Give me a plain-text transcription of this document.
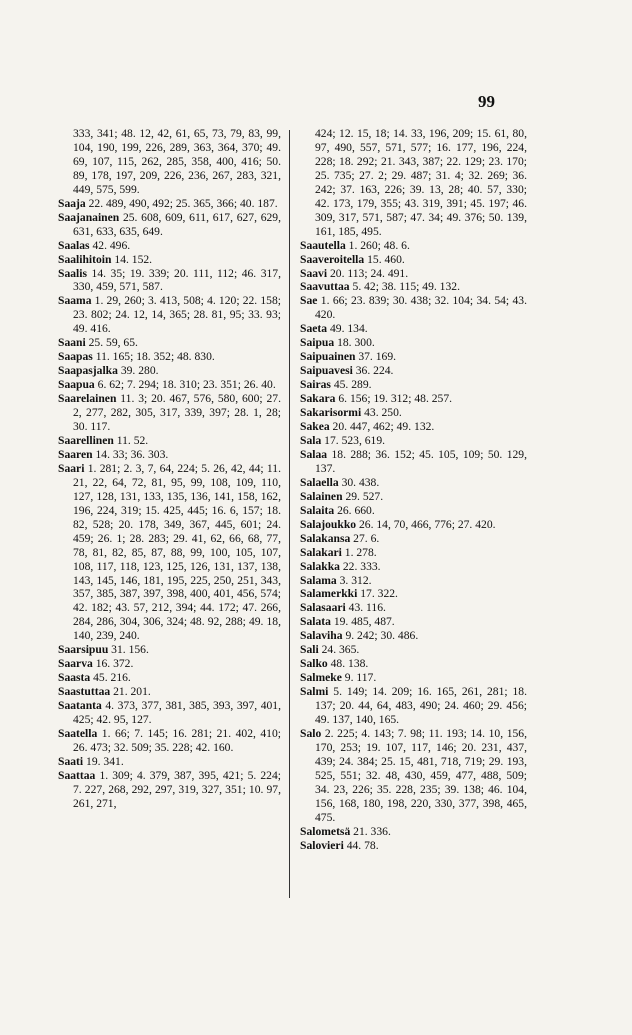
99
333, 341; 48. 12, 42, 61, 65, 73, 79, 83, 99, 104, 190, 199, 226, 289, 363, 364, 370; 49. 69, 107, 115, 262, 285, 358, 400, 416; 50. 89, 178, 197, 209, 226, 236, 267, 283, 321, 449, 575, 599.
Saaja 22. 489, 490, 492; 25. 365, 366; 40. 187.
Saajanainen 25. 608, 609, 611, 617, 627, 629, 631, 633, 635, 649.
Saalas 42. 496.
Saalihitoin 14. 152.
Saalis 14. 35; 19. 339; 20. 111, 112; 46. 317, 330, 459, 571, 587.
Saama 1. 29, 260; 3. 413, 508; 4. 120; 22. 158; 23. 802; 24. 12, 14, 365; 28. 81, 95; 33. 93; 49. 416.
Saani 25. 59, 65.
Saapas 11. 165; 18. 352; 48. 830.
Saapasjalka 39. 280.
Saapua 6. 62; 7. 294; 18. 310; 23. 351; 26. 40.
Saarelainen 11. 3; 20. 467, 576, 580, 600; 27. 2, 277, 282, 305, 317, 339, 397; 28. 1, 28; 30. 117.
Saarellinen 11. 52.
Saaren 14. 33; 36. 303.
Saari 1. 281; 2. 3, 7, 64, 224; 5. 26, 42, 44; 11. 21, 22, 64, 72, 81, 95, 99, 108, 109, 110, 127, 128, 131, 133, 135, 136, 141, 158, 162, 196, 224, 319; 15. 425, 445; 16. 6, 157; 18. 82, 528; 20. 178, 349, 367, 445, 601; 24. 459; 26. 1; 28. 283; 29. 41, 62, 66, 68, 77, 78, 81, 82, 85, 87, 88, 99, 100, 105, 107, 108, 117, 118, 123, 125, 126, 131, 137, 138, 143, 145, 146, 181, 195, 225, 250, 251, 343, 357, 385, 387, 397, 398, 400, 401, 456, 574; 42. 182; 43. 57, 212, 394; 44. 172; 47. 266, 284, 286, 304, 306, 324; 48. 92, 288; 49. 18, 140, 239, 240.
Saarsipuu 31. 156.
Saarva 16. 372.
Saasta 45. 216.
Saastuttaa 21. 201.
Saatanta 4. 373, 377, 381, 385, 393, 397, 401, 425; 42. 95, 127.
Saatella 1. 66; 7. 145; 16. 281; 21. 402, 410; 26. 473; 32. 509; 35. 228; 42. 160.
Saati 19. 341.
Saattaa 1. 309; 4. 379, 387, 395, 421; 5. 224; 7. 227, 268, 292, 297, 319, 327, 351; 10. 97, 261, 271,
424; 12. 15, 18; 14. 33, 196, 209; 15. 61, 80, 97, 490, 557, 571, 577; 16. 177, 196, 224, 228; 18. 292; 21. 343, 387; 22. 129; 23. 170; 25. 735; 27. 2; 29. 487; 31. 4; 32. 269; 36. 242; 37. 163, 226; 39. 13, 28; 40. 57, 330; 42. 173, 179, 355; 43. 319, 391; 45. 197; 46. 309, 317, 571, 587; 47. 34; 49. 376; 50. 139, 161, 185, 495.
Saautella 1. 260; 48. 6.
Saaveroitella 15. 460.
Saavi 20. 113; 24. 491.
Saavuttaa 5. 42; 38. 115; 49. 132.
Sae 1. 66; 23. 839; 30. 438; 32. 104; 34. 54; 43. 420.
Saeta 49. 134.
Saipua 18. 300.
Saipuainen 37. 169.
Saipuavesi 36. 224.
Sairas 45. 289.
Sakara 6. 156; 19. 312; 48. 257.
Sakarisormi 43. 250.
Sakea 20. 447, 462; 49. 132.
Sala 17. 523, 619.
Salaa 18. 288; 36. 152; 45. 105, 109; 50. 129, 137.
Salaella 30. 438.
Salainen 29. 527.
Salaita 26. 660.
Salajoukko 26. 14, 70, 466, 776; 27. 420.
Salakansa 27. 6.
Salakari 1. 278.
Salakka 22. 333.
Salama 3. 312.
Salamerkki 17. 322.
Salasaari 43. 116.
Salata 19. 485, 487.
Salaviha 9. 242; 30. 486.
Sali 24. 365.
Salko 48. 138.
Salmeke 9. 117.
Salmi 5. 149; 14. 209; 16. 165, 261, 281; 18. 137; 20. 44, 64, 483, 490; 24. 460; 29. 456; 49. 137, 140, 165.
Salo 2. 225; 4. 143; 7. 98; 11. 193; 14. 10, 156, 170, 253; 19. 107, 117, 146; 20. 231, 437, 439; 24. 384; 25. 15, 481, 718, 719; 29. 193, 525, 551; 32. 48, 430, 459, 477, 488, 509; 34. 23, 226; 35. 228, 235; 39. 138; 46. 104, 156, 168, 180, 198, 220, 330, 377, 398, 465, 475.
Salometsä 21. 336.
Salovieri 44. 78.
